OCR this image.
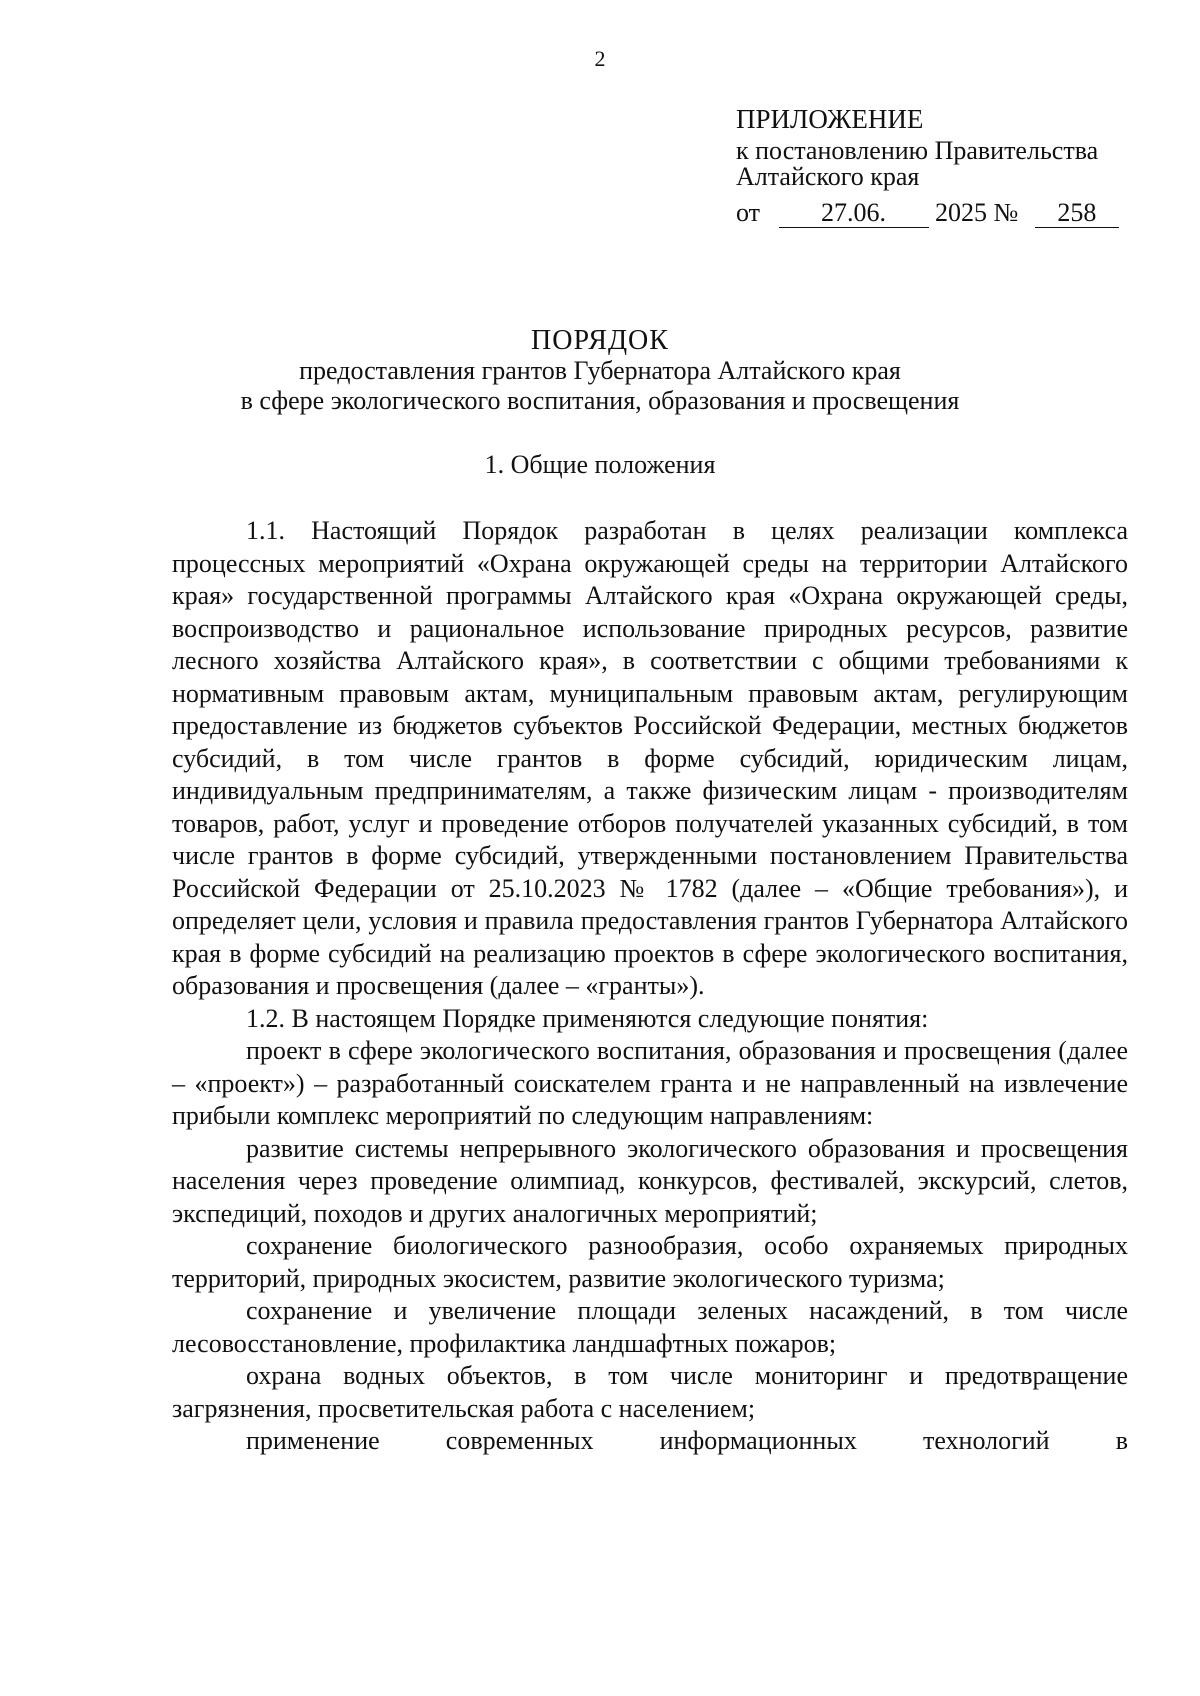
2
ПРИЛОЖЕНИЕ
к постановлению Правительства
Алтайского края
от 27.06. 2025 № 258
ПОРЯДОК
предоставления грантов Губернатора Алтайского края
в сфере экологического воспитания, образования и просвещения
1. Общие положения

1.1. Настоящий Порядок разработан в целях реализации комплекса процессных мероприятий «Охрана окружающей среды на территории Алтайского края» государственной программы Алтайского края «Охрана окружающей среды, воспроизводство и рациональное использование природных ресурсов, развитие лесного хозяйства Алтайского края», в соответствии с общими требованиями к нормативным правовым актам, муниципальным правовым актам, регулирующим предоставление из бюджетов субъектов Российской Федерации, местных бюджетов субсидий, в том числе грантов в форме субсидий, юридическим лицам, индивидуальным предпринимателям, а также физическим лицам - производителям товаров, работ, услуг и проведение отборов получателей указанных субсидий, в том числе грантов в форме субсидий, утвержденными постановлением Правительства Российской Федерации от 25.10.2023 № 1782 (далее – «Общие требования»), и определяет цели, условия и правила предоставления грантов Губернатора Алтайского края в форме субсидий на реализацию проектов в сфере экологического воспитания, образования и просвещения (далее – «гранты»).

1.2. В настоящем Порядке применяются следующие понятия:

проект в сфере экологического воспитания, образования и просвещения (далее – «проект») – разработанный соискателем гранта и не направленный на извлечение прибыли комплекс мероприятий по следующим направлениям:

развитие системы непрерывного экологического образования и просвещения населения через проведение олимпиад, конкурсов, фестивалей, экскурсий, слетов, экспедиций, походов и других аналогичных мероприятий;

сохранение биологического разнообразия, особо охраняемых природных территорий, природных экосистем, развитие экологического туризма;

сохранение и увеличение площади зеленых насаждений, в том числе лесовосстановление, профилактика ландшафтных пожаров;

охрана водных объектов, в том числе мониторинг и предотвращение загрязнения, просветительская работа с населением;

применение современных информационных технологий в
